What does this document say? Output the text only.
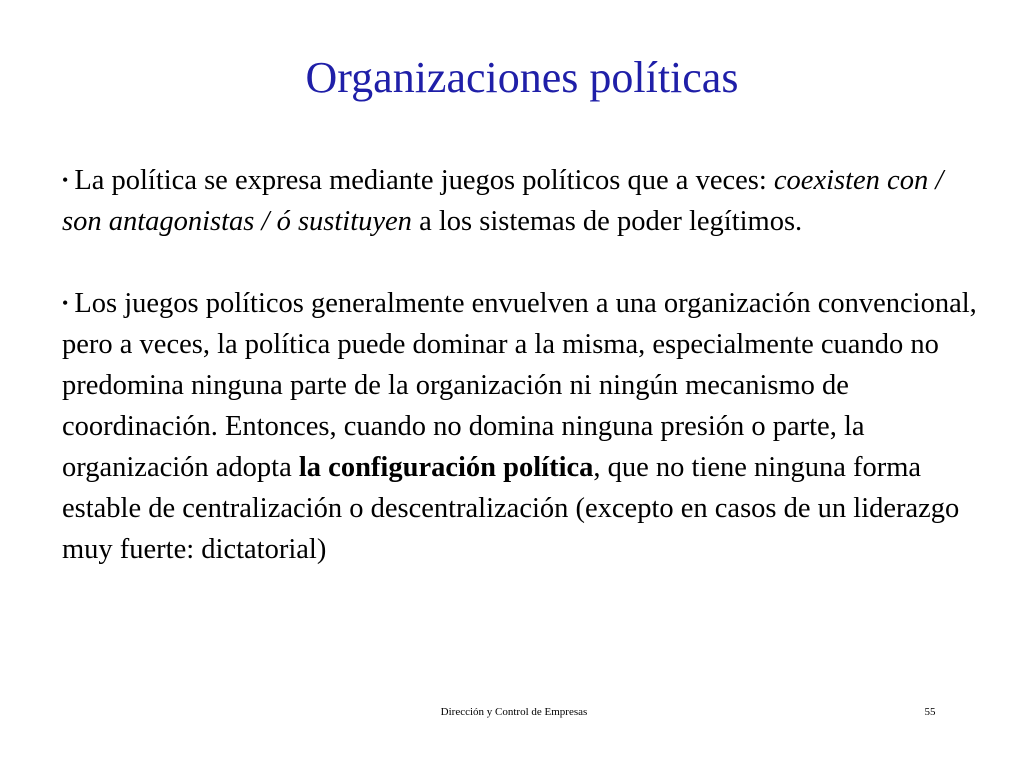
Organizaciones políticas

• La política se expresa mediante juegos políticos que a veces: coexisten con / son antagonistas / ó sustituyen a los sistemas de poder legítimos.

• Los juegos políticos generalmente envuelven a una organización convencional, pero a veces, la política puede dominar a la misma, especialmente cuando no predomina ninguna parte de la organización ni ningún mecanismo de coordinación. Entonces, cuando no domina ninguna presión o parte, la organización adopta la configuración política, que no tiene ninguna forma estable de centralización o descentralización (excepto en casos de un liderazgo muy fuerte: dictatorial)

Dirección y Control de Empresas	55
